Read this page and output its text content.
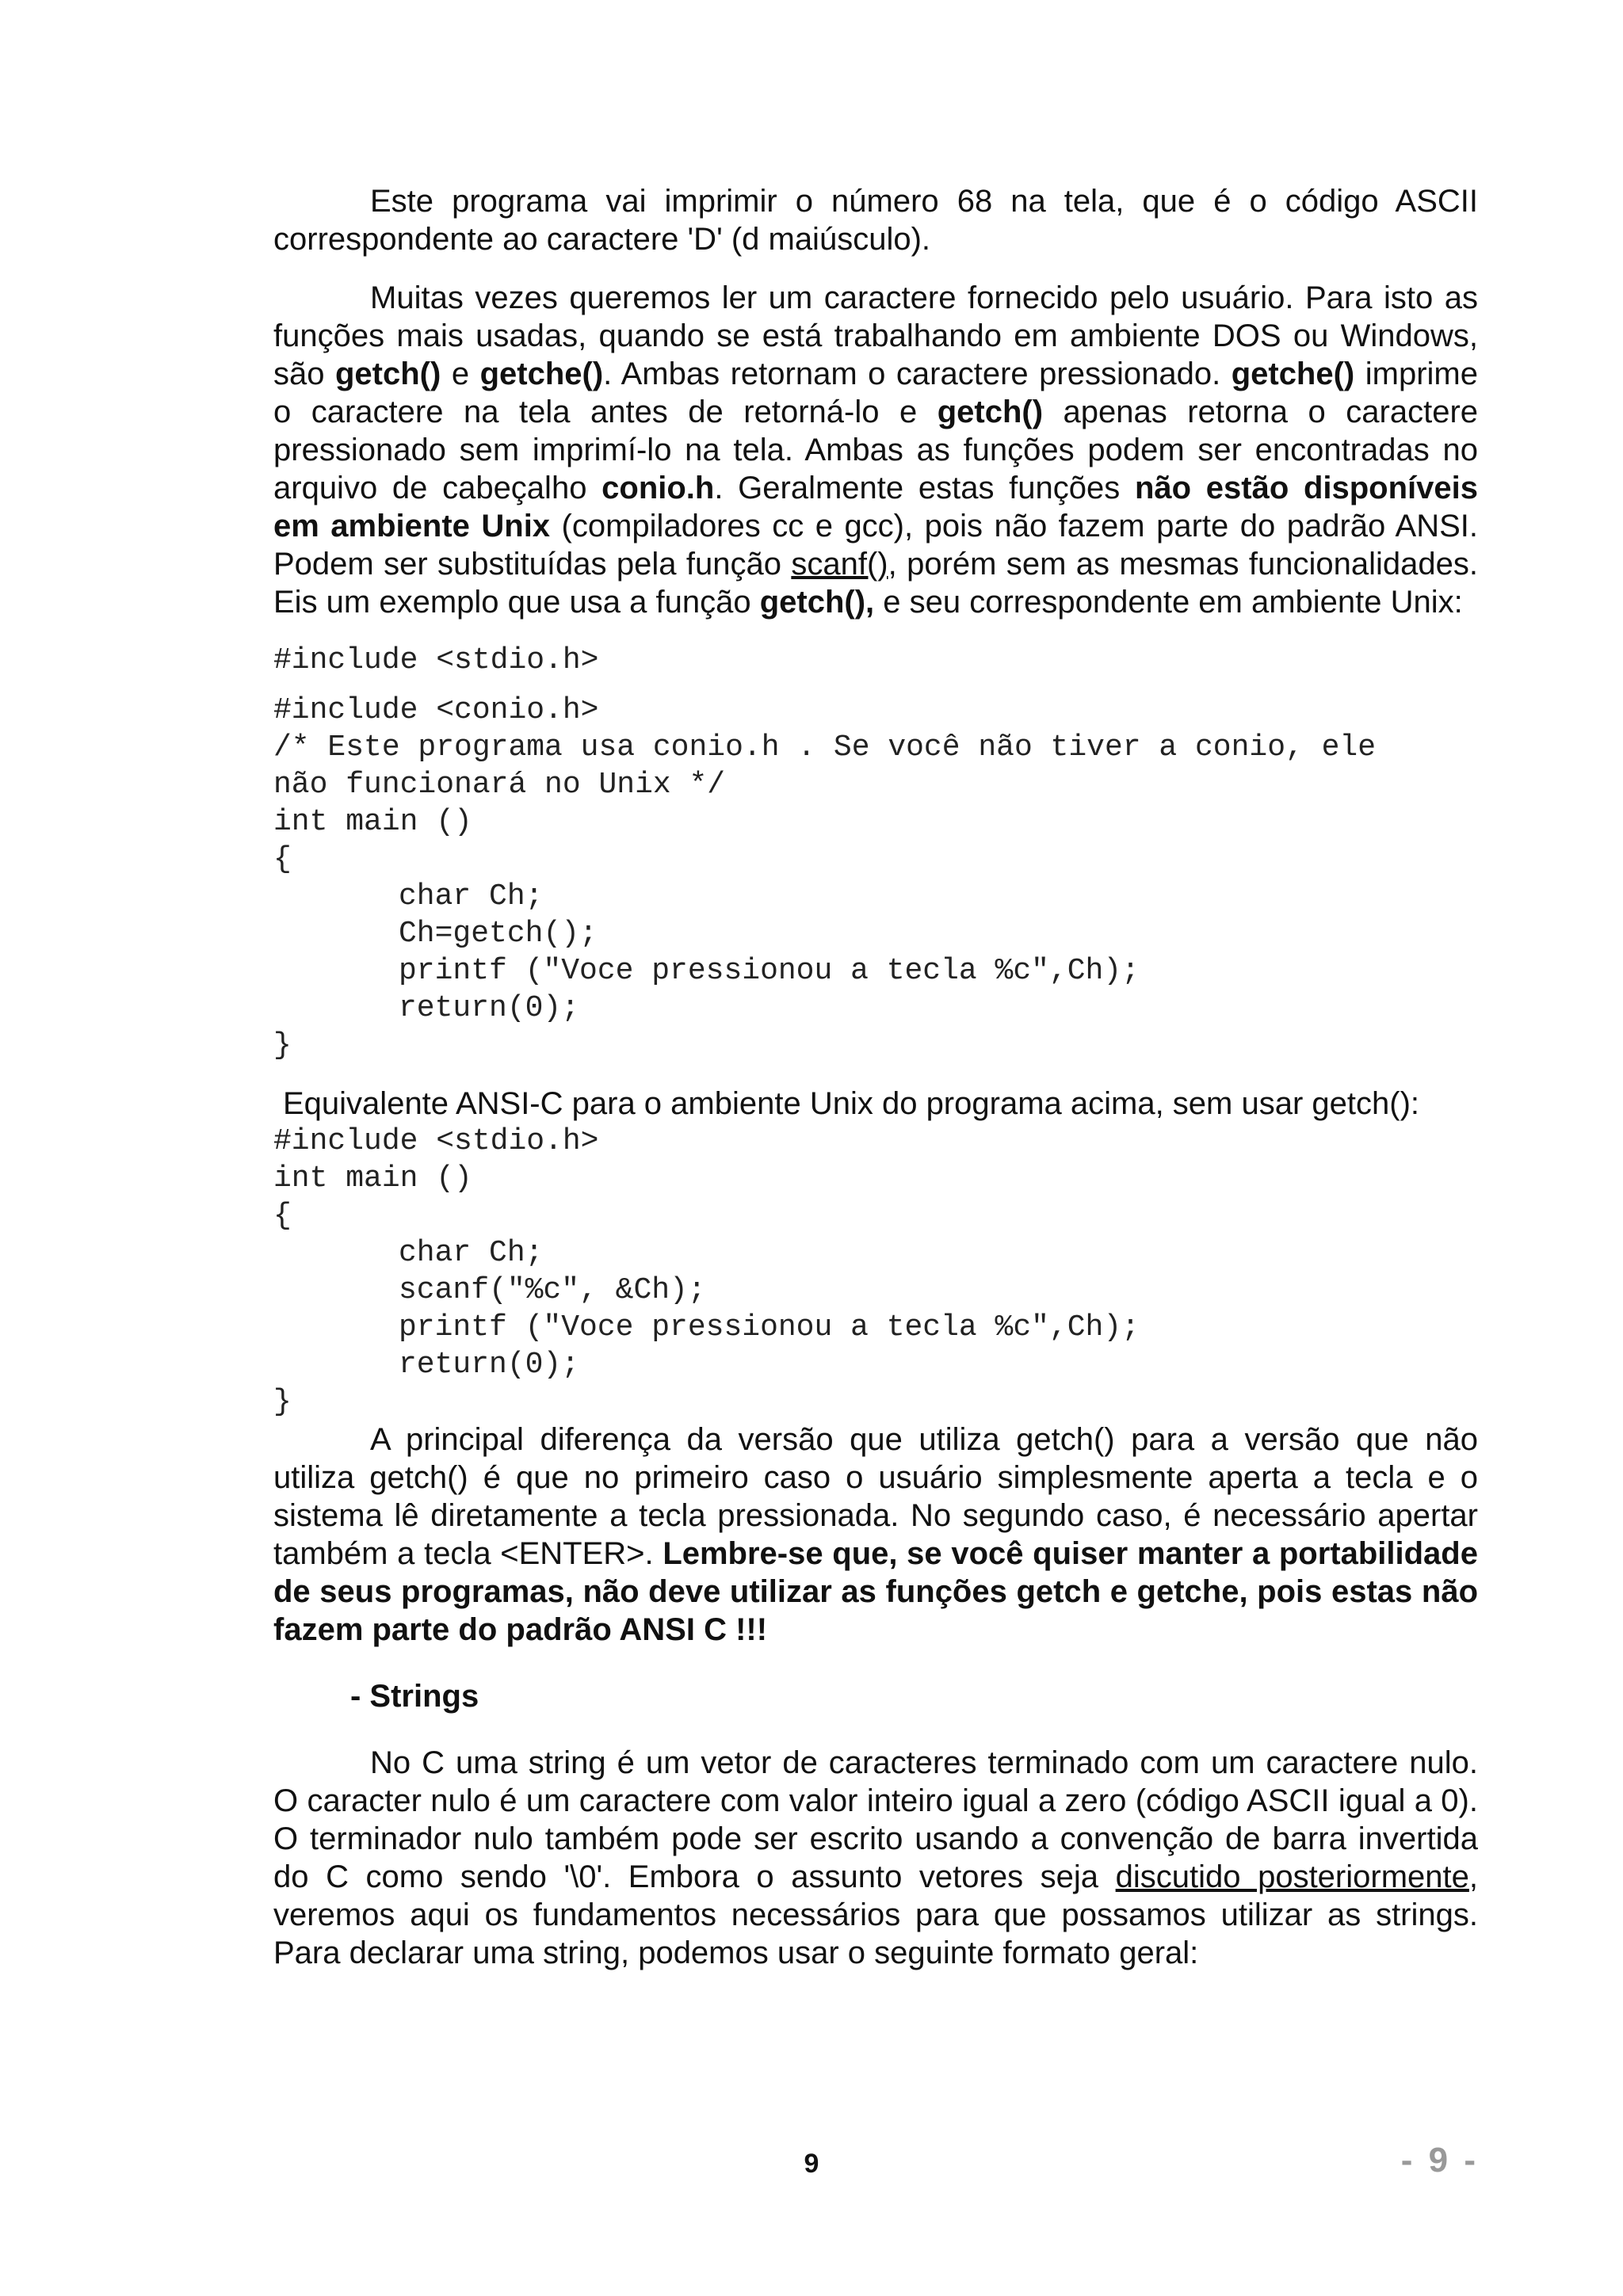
Este programa vai imprimir o número 68 na tela, que é o código ASCII correspondente ao caractere 'D' (d maiúsculo).

Muitas vezes queremos ler um caractere fornecido pelo usuário. Para isto as funções mais usadas, quando se está trabalhando em ambiente DOS ou Windows, são getch() e getche(). Ambas retornam o caractere pressionado. getche() imprime o caractere na tela antes de retorná-lo e getch() apenas retorna o caractere pressionado sem imprimí-lo na tela. Ambas as funções podem ser encontradas no arquivo de cabeçalho conio.h. Geralmente estas funções não estão disponíveis em ambiente Unix (compiladores cc e gcc), pois não fazem parte do padrão ANSI. Podem ser substituídas pela função scanf(), porém sem as mesmas funcionalidades. Eis um exemplo que usa a função getch(), e seu correspondente em ambiente Unix:

#include <stdio.h>
#include <conio.h>
/* Este programa usa conio.h . Se você não tiver a conio, ele
não funcionará no Unix */
int main ()
{
char Ch;
Ch=getch();
printf ("Voce pressionou a tecla %c",Ch);
return(0);
}

Equivalente ANSI-C para o ambiente Unix do programa acima, sem usar getch():

#include <stdio.h>
int main ()
{
char Ch;
scanf("%c", &Ch);
printf ("Voce pressionou a tecla %c",Ch);
return(0);
}

A principal diferença da versão que utiliza getch() para a versão que não utiliza getch() é que no primeiro caso o usuário simplesmente aperta a tecla e o sistema lê diretamente a tecla pressionada. No segundo caso, é necessário apertar também a tecla <ENTER>. Lembre-se que, se você quiser manter a portabilidade de seus programas, não deve utilizar as funções getch e getche, pois estas não fazem parte do padrão ANSI C !!!

- Strings

No C uma string é um vetor de caracteres terminado com um caractere nulo. O caracter nulo é um caractere com valor inteiro igual a zero (código ASCII igual a 0). O terminador nulo também pode ser escrito usando a convenção de barra invertida do C como sendo '\0'. Embora o assunto vetores seja discutido posteriormente, veremos aqui os fundamentos necessários para que possamos utilizar as strings. Para declarar uma string, podemos usar o seguinte formato geral:

9	- 9 -
